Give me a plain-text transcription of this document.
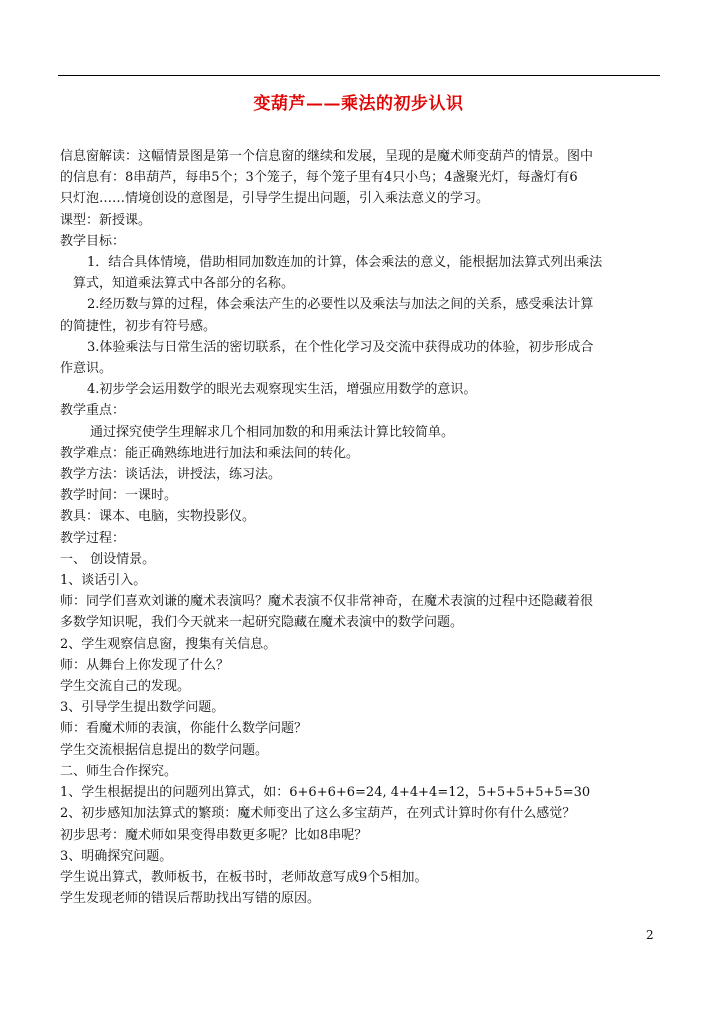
变葫芦——乘法的初步认识

信息窗解读：这幅情景图是第一个信息窗的继续和发展，呈现的是魔术师变葫芦的情景。图中

的信息有：8串葫芦，每串5个；3个笼子，每个笼子里有4只小鸟；4盏聚光灯，每盏灯有6

只灯泡……情境创设的意图是，引导学生提出问题，引入乘法意义的学习。

课型：新授课。

教学目标：

1．结合具体情境，借助相同加数连加的计算，体会乘法的意义，能根据加法算式列出乘法

算式，知道乘法算式中各部分的名称。

2.经历数与算的过程，体会乘法产生的必要性以及乘法与加法之间的关系，感受乘法计算

的简捷性，初步有符号感。

3.体验乘法与日常生活的密切联系，在个性化学习及交流中获得成功的体验，初步形成合

作意识。

4.初步学会运用数学的眼光去观察现实生活，增强应用数学的意识。

教学重点：

通过探究使学生理解求几个相同加数的和用乘法计算比较简单。

教学难点：能正确熟练地进行加法和乘法间的转化。

教学方法：谈话法，讲授法，练习法。

教学时间：一课时。

教具：课本、电脑，实物投影仪。

教学过程：

一、 创设情景。

1、谈话引入。

师：同学们喜欢刘谦的魔术表演吗？魔术表演不仅非常神奇，在魔术表演的过程中还隐藏着很

多数学知识呢，我们今天就来一起研究隐藏在魔术表演中的数学问题。

2、学生观察信息窗，搜集有关信息。

师：从舞台上你发现了什么？

学生交流自己的发现。

3、引导学生提出数学问题。

师：看魔术师的表演，你能什么数学问题？

学生交流根据信息提出的数学问题。

二、师生合作探究。

1、学生根据提出的问题列出算式，如：6+6+6+6=24, 4+4+4=12，5+5+5+5+5=30

2、初步感知加法算式的繁琐：魔术师变出了这么多宝葫芦，在列式计算时你有什么感觉？

初步思考：魔术师如果变得串数更多呢？比如8串呢？

3、明确探究问题。

学生说出算式，教师板书，在板书时，老师故意写成9个5相加。

学生发现老师的错误后帮助找出写错的原因。

2
